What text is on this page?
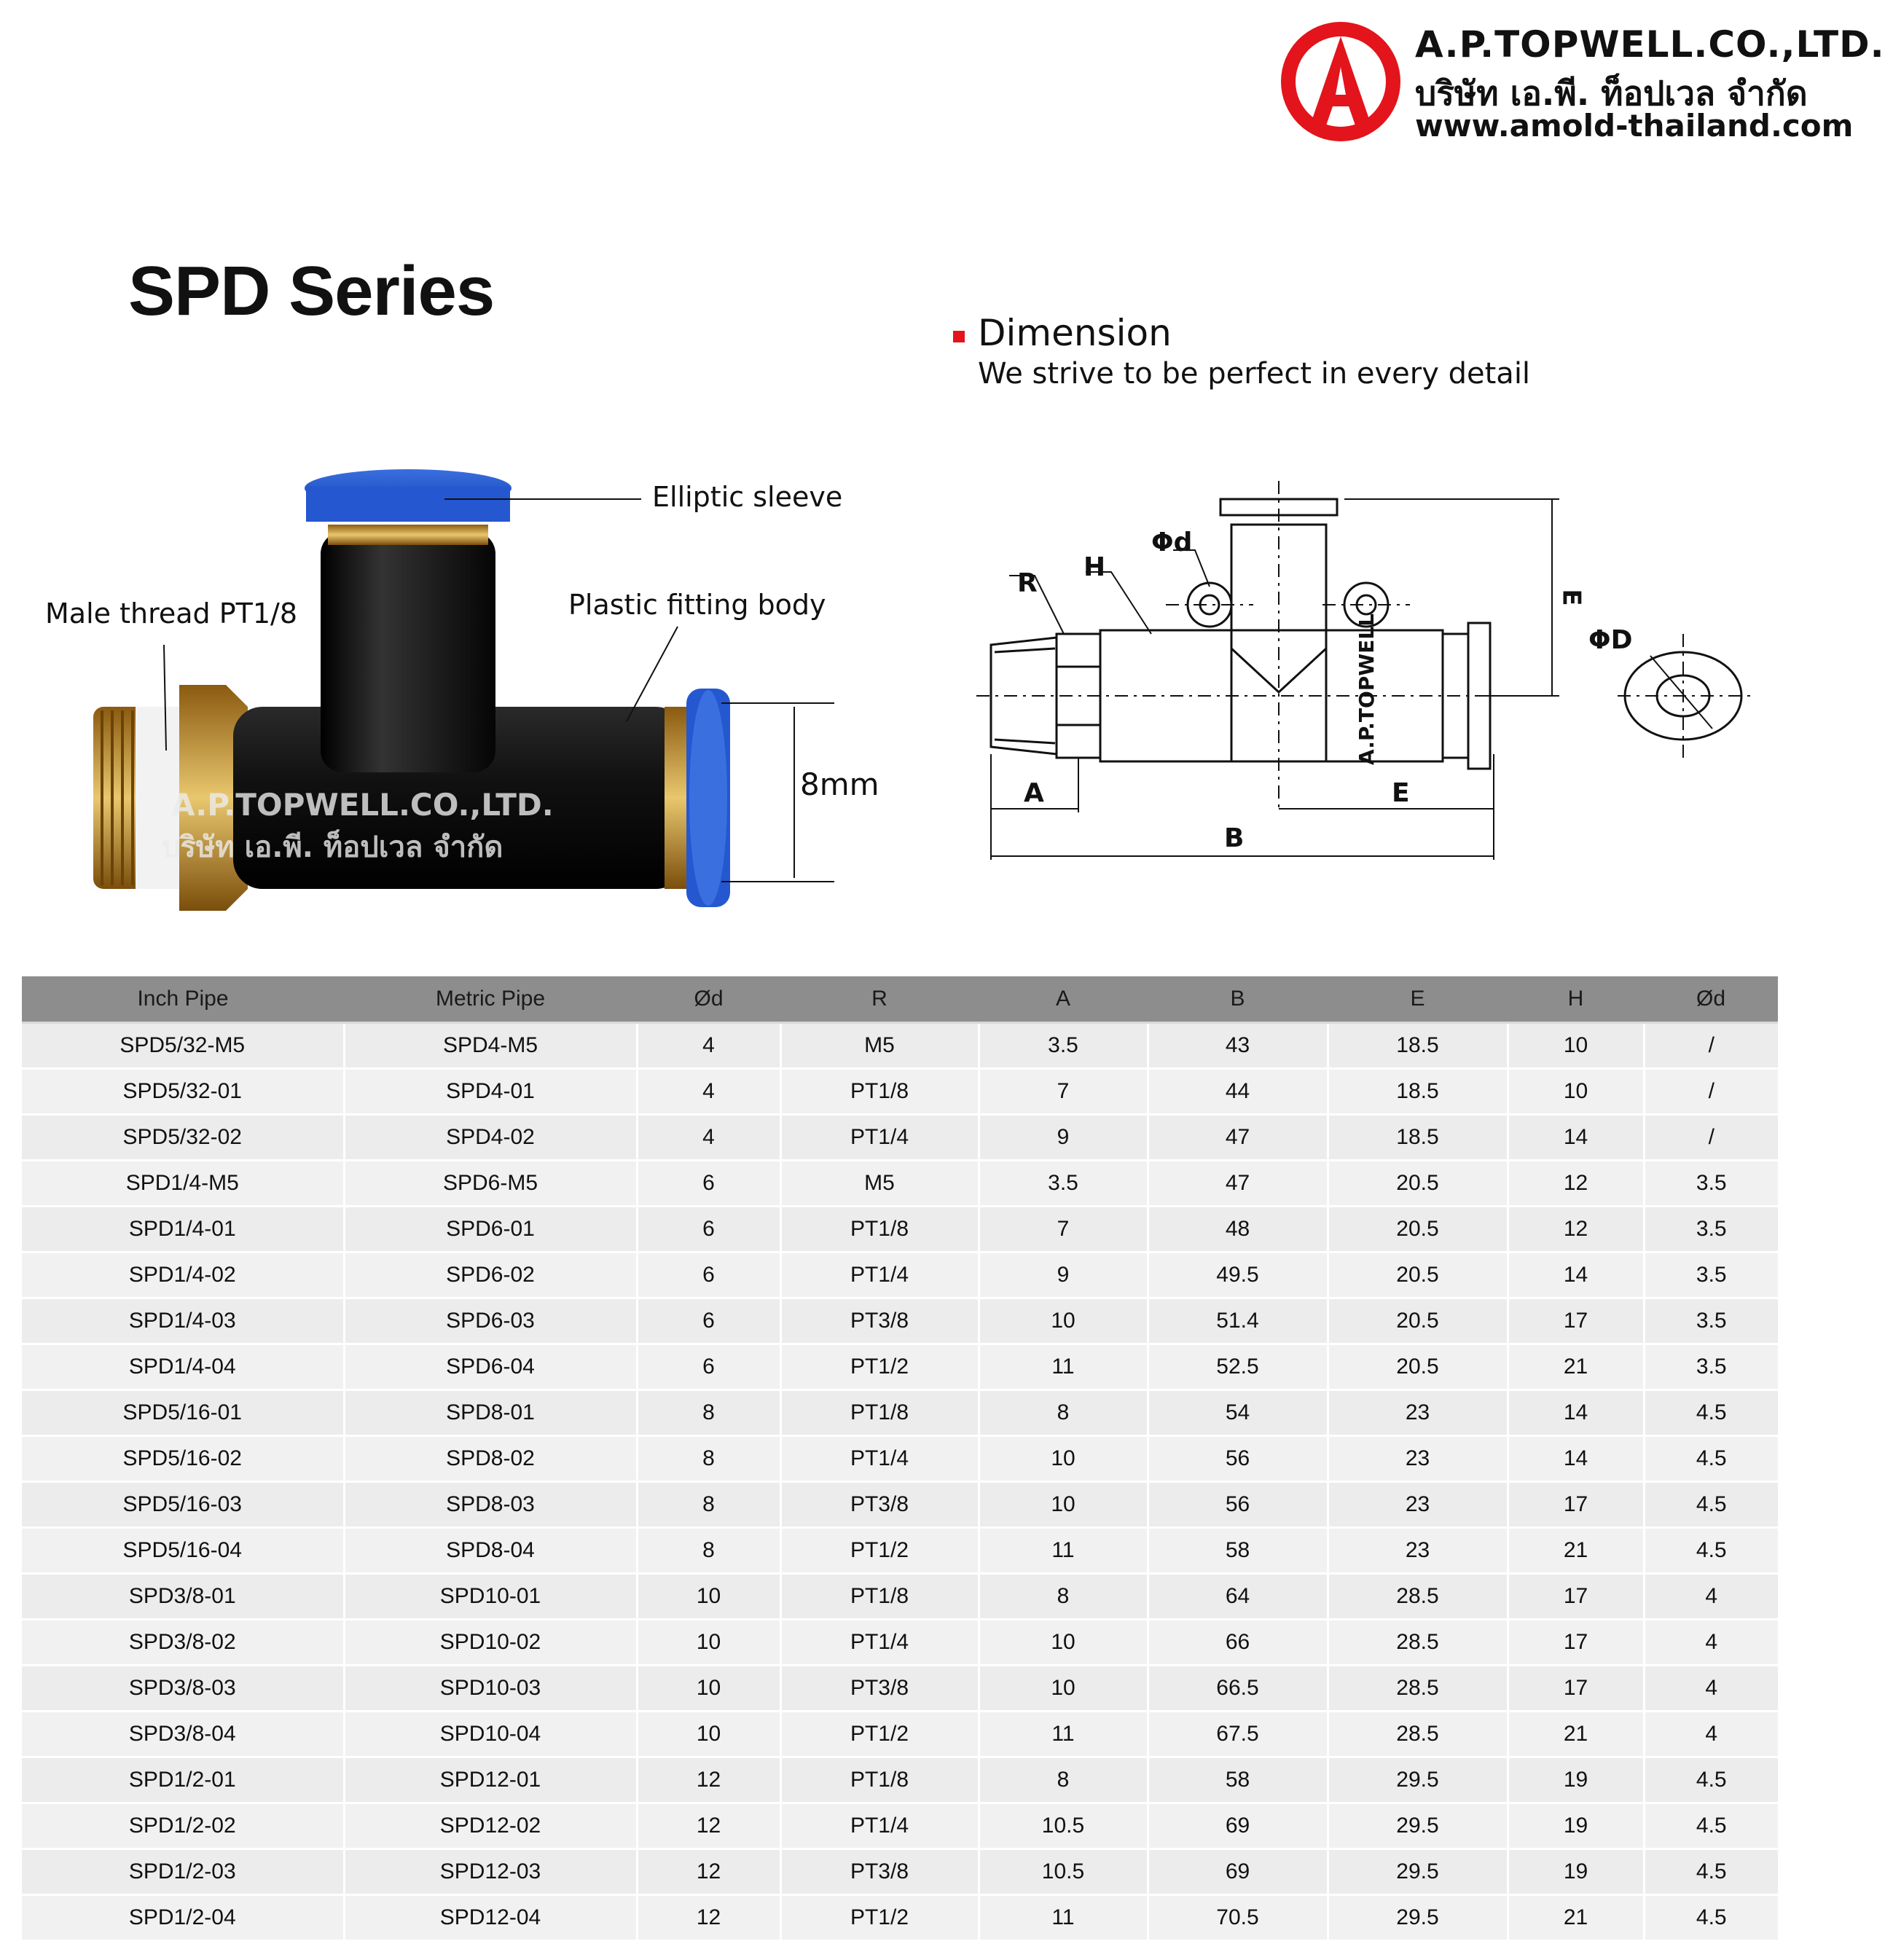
A.P.TOPWELL.CO.,LTD.
บริษัท เอ.พี. ท็อปเวล จำกัด
www.amold-thailand.com
SPD Series
Dimension
We strive to be perfect in every detail
Elliptic sleeve
Male thread PT1/8	Plastic fitting body
8mm
A.P.TOPWELL.CO.,LTD.
บริษัท เอ.พี. ท็อปเวล จำกัด
A.P.TOPWELL
R
H
Φd
E
ΦD
A	E
B
Inch Pipe	Metric Pipe	Ød	R	A	B	E	H	Ød
SPD5/32-M5	SPD4-M5	4	M5	3.5	43	18.5	10	/
SPD5/32-01	SPD4-01	4	PT1/8	7	44	18.5	10	/
SPD5/32-02	SPD4-02	4	PT1/4	9	47	18.5	14	/
SPD1/4-M5	SPD6-M5	6	M5	3.5	47	20.5	12	3.5
SPD1/4-01	SPD6-01	6	PT1/8	7	48	20.5	12	3.5
SPD1/4-02	SPD6-02	6	PT1/4	9	49.5	20.5	14	3.5
SPD1/4-03	SPD6-03	6	PT3/8	10	51.4	20.5	17	3.5
SPD1/4-04	SPD6-04	6	PT1/2	11	52.5	20.5	21	3.5
SPD5/16-01	SPD8-01	8	PT1/8	8	54	23	14	4.5
SPD5/16-02	SPD8-02	8	PT1/4	10	56	23	14	4.5
SPD5/16-03	SPD8-03	8	PT3/8	10	56	23	17	4.5
SPD5/16-04	SPD8-04	8	PT1/2	11	58	23	21	4.5
SPD3/8-01	SPD10-01	10	PT1/8	8	64	28.5	17	4
SPD3/8-02	SPD10-02	10	PT1/4	10	66	28.5	17	4
SPD3/8-03	SPD10-03	10	PT3/8	10	66.5	28.5	17	4
SPD3/8-04	SPD10-04	10	PT1/2	11	67.5	28.5	21	4
SPD1/2-01	SPD12-01	12	PT1/8	8	58	29.5	19	4.5
SPD1/2-02	SPD12-02	12	PT1/4	10.5	69	29.5	19	4.5
SPD1/2-03	SPD12-03	12	PT3/8	10.5	69	29.5	19	4.5
SPD1/2-04	SPD12-04	12	PT1/2	11	70.5	29.5	21	4.5
